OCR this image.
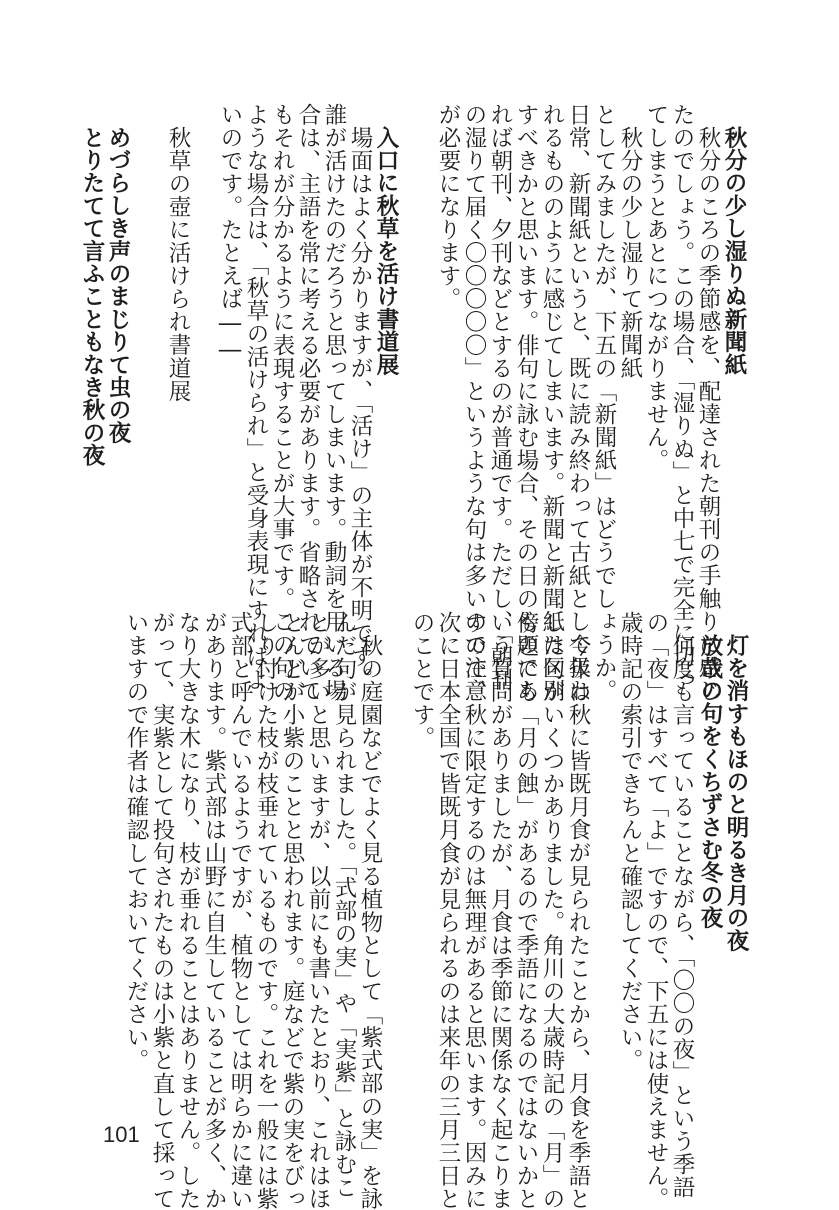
秋分の少し湿りぬ新聞紙

秋分のころの季節感を、配達された朝刊の手触りに感じ

たのでしょう。この場合、「湿りぬ」と中七で完全に切っ

てしまうとあとにつながりません。

秋分の少し湿りて新聞紙

としてみましたが、下五の「新聞紙」はどうでしょうか。

日常、新聞紙というと、既に読み終わって古紙として扱わ

れるもののように感じてしまいます。新聞と新聞紙は区別

すべきかと思います。俳句に詠む場合、その日のものであ

れば朝刊、夕刊などとするのが普通です。ただし、「朝刊

の湿りて届く〇〇〇〇〇」というような句は多いので注意

が必要になります。

入口に秋草を活け書道展

場面はよく分かりますが、「活け」の主体が不明です。

誰が活けたのだろうと思ってしまいます。動詞を用いる場

合は、主語を常に考える必要があります。省略されていて

もそれが分かるように表現することが大事です。この句の

ような場合は、「秋草の活けられ」と受身表現にすればよ

いのです。たとえば――

秋草の壺に活けられ書道展

めづらしき声のまじりて虫の夜

とりたてて言ふこともなき秋の夜

灯を消すもほのと明るき月の夜

放哉の句をくちずさむ冬の夜

何度も言っていることながら、「〇〇の夜」という季語

の「夜」はすべて「よ」ですので、下五には使えません。

歳時記の索引できちんと確認してください。

今年は秋に皆既月食が見られたことから、月食を季語と

した句がいくつかありました。角川の大歳時記の「月」の

傍題にも「月の蝕」があるので季語になるのではないかと

いう質問がありましたが、月食は季節に関係なく起こりま

すので、秋に限定するのは無理があると思います。因みに

次に日本全国で皆既月食が見られるのは来年の三月三日と

のことです。

秋の庭園などでよく見る植物として「紫式部の実」を詠

んだ句が見られました。「式部の実」や「実紫」と詠むこ

とが多いと思いますが、以前にも書いたとおり、これはほ

とんどが小紫のことと思われます。庭などで紫の実をびっ

しり付けた枝が枝垂れているものです。これを一般には紫

式部と呼んでいるようですが、植物としては明らかに違い

があります。紫式部は山野に自生していることが多く、か

なり大きな木になり、枝が垂れることはありません。した

がって、実紫として投句されたものは小紫と直して採って

いますので作者は確認しておいてください。

101
